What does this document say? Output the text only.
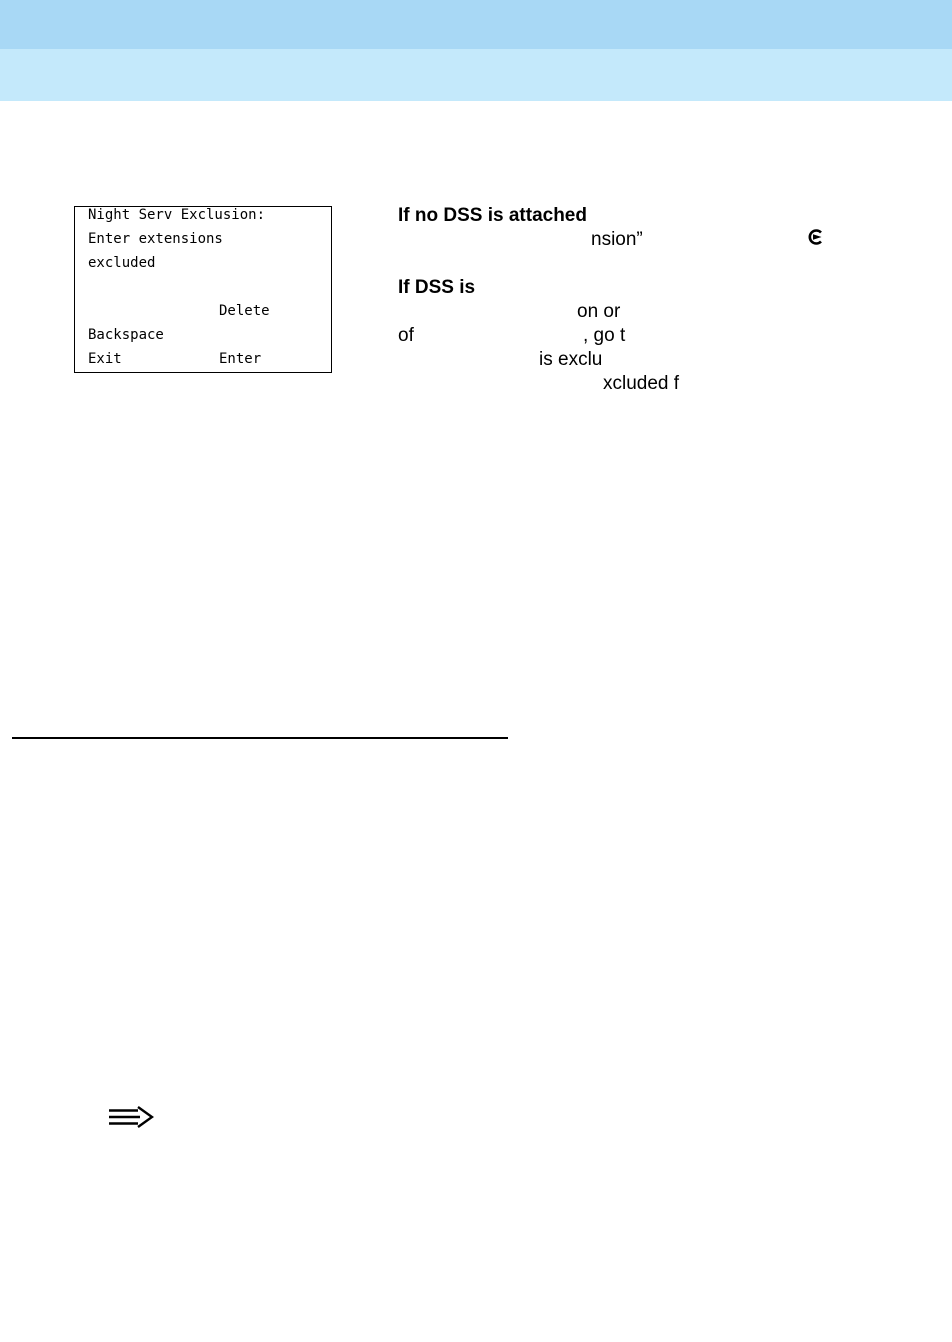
Night Serv Exclusion:
Enter extensions
excluded
Delete
Backspace
Exit	Enter
If no DSS is attached
nsion”
If DSS is
on or
of	, go t
is exclu
xcluded f
